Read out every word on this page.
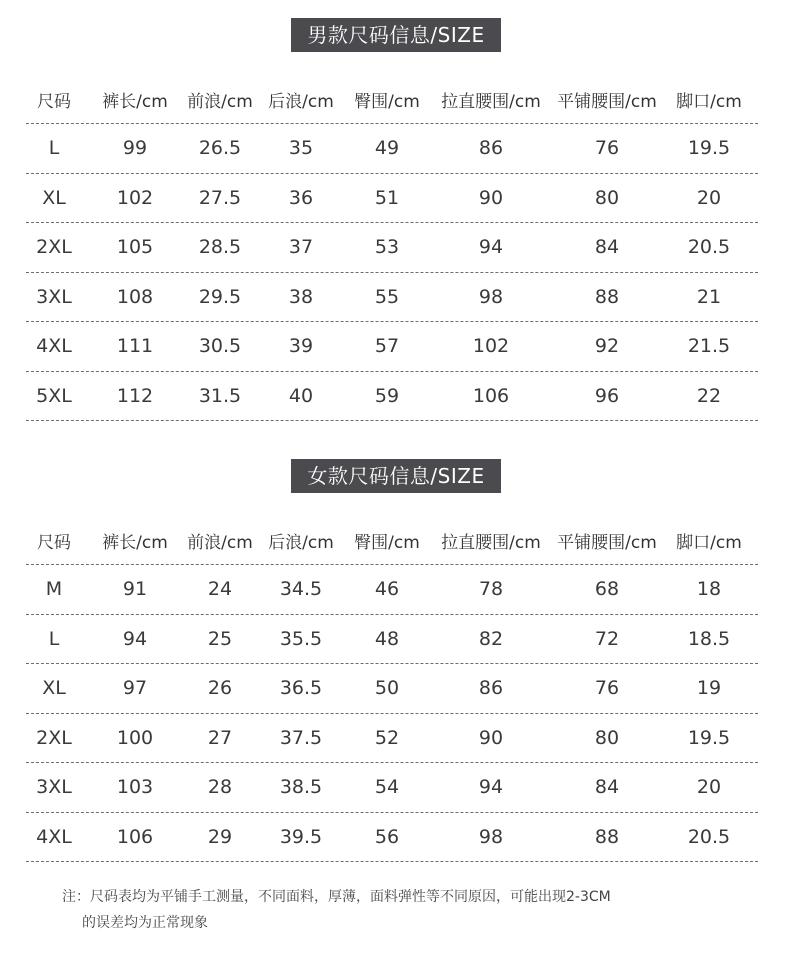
男款尺码信息/SIZE
尺码 裤长/cm 前浪/cm 后浪/cm 臀围/cm	拉直腰围/cm 平铺腰围/cm 脚口/cm
L	99	26.5	35	49	86	76	19.5
XL	102	27.5	36	51	90	80	20
2XL	105	28.5	37	53	94	84	20.5
3XL	108	29.5	38	55	98	88	21
4XL	111	30.5	39	57	102	92	21.5
5XL	112	31.5	40	59	106	96	22
女款尺码信息/SIZE
尺码 裤长/cm 前浪/cm 后浪/cm 臀围/cm	拉直腰围/cm 平铺腰围/cm 脚口/cm
M	91	24	34.5	46	78	68	18
L	94	25	35.5	48	82	72	18.5
XL	97	26	36.5	50	86	76	19
2XL	100	27	37.5	52	90	80	19.5
3XL	103	28	38.5	54	94	84	20
4XL	106	29	39.5	56	98	88	20.5
注：尺码表均为平铺手工测量，不同面料，厚薄，面料弹性等不同原因，可能出现2-3CM
的误差均为正常现象
